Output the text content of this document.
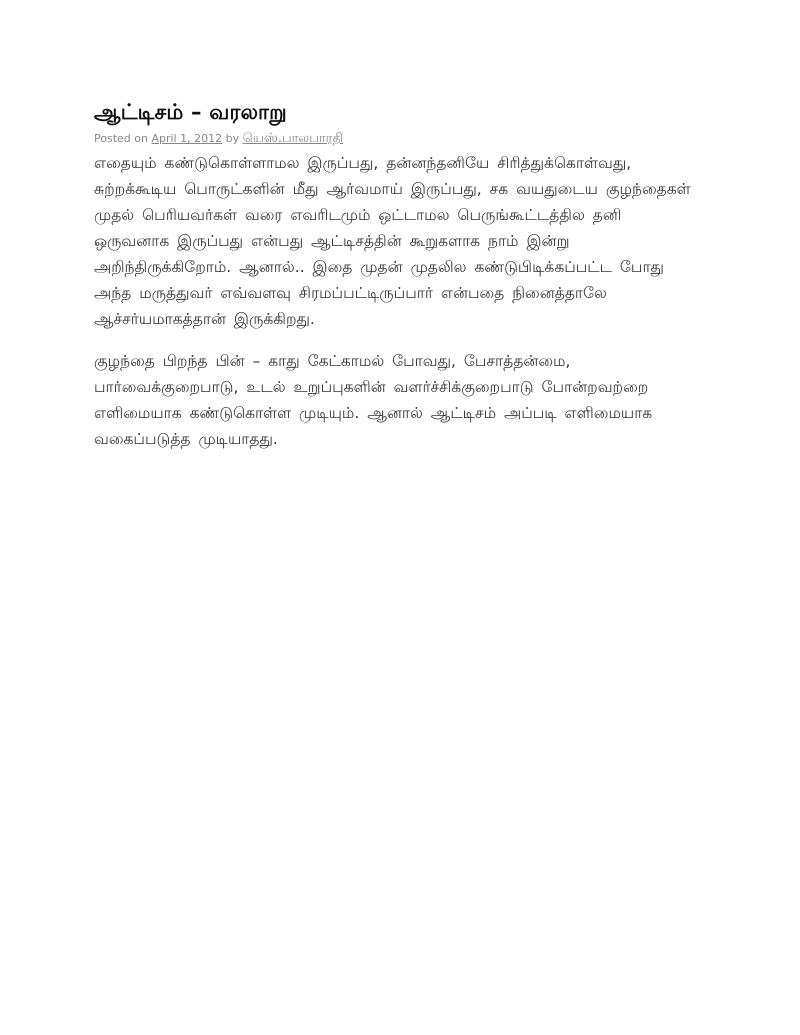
ஆட்டிசம் – வரலாறு
Posted on April 1, 2012 by யெஸ்.பாலபாரதி

எதையும் கண்டுகொள்ளாமல இருப்பது, தன்னந்தனியே சிரித்துக்கொள்வது, சுற்றக்கூடிய பொருட்களின் மீது ஆர்வமாய் இருப்பது, சக வயதுடைய குழந்தைகள் முதல் பெரியவர்கள் வரை எவரிடமும் ஒட்டாமல பெருங்கூட்டத்தில தனி ஒருவனாக இருப்பது என்பது ஆட்டிசத்தின் கூறுகளாக நாம் இன்று அறிந்திருக்கிறோம். ஆனால்.. இதை முதன் முதலில கண்டுபிடிக்கப்பட்ட போது அந்த மருத்துவர் எவ்வளவு சிரமப்பட்டிருப்பார் என்பதை நினைத்தாலே ஆச்சர்யமாகத்தான் இருக்கிறது.

குழந்தை பிறந்த பின் – காது கேட்காமல் போவது, பேசாத்தன்மை, பார்வைக்குறைபாடு, உடல் உறுப்புகளின் வளர்ச்சிக்குறைபாடு போன்றவற்றை எளிமையாக கண்டுகொள்ள முடியும். ஆனால் ஆட்டிசம் அப்படி எளிமையாக வகைப்படுத்த முடியாதது.
